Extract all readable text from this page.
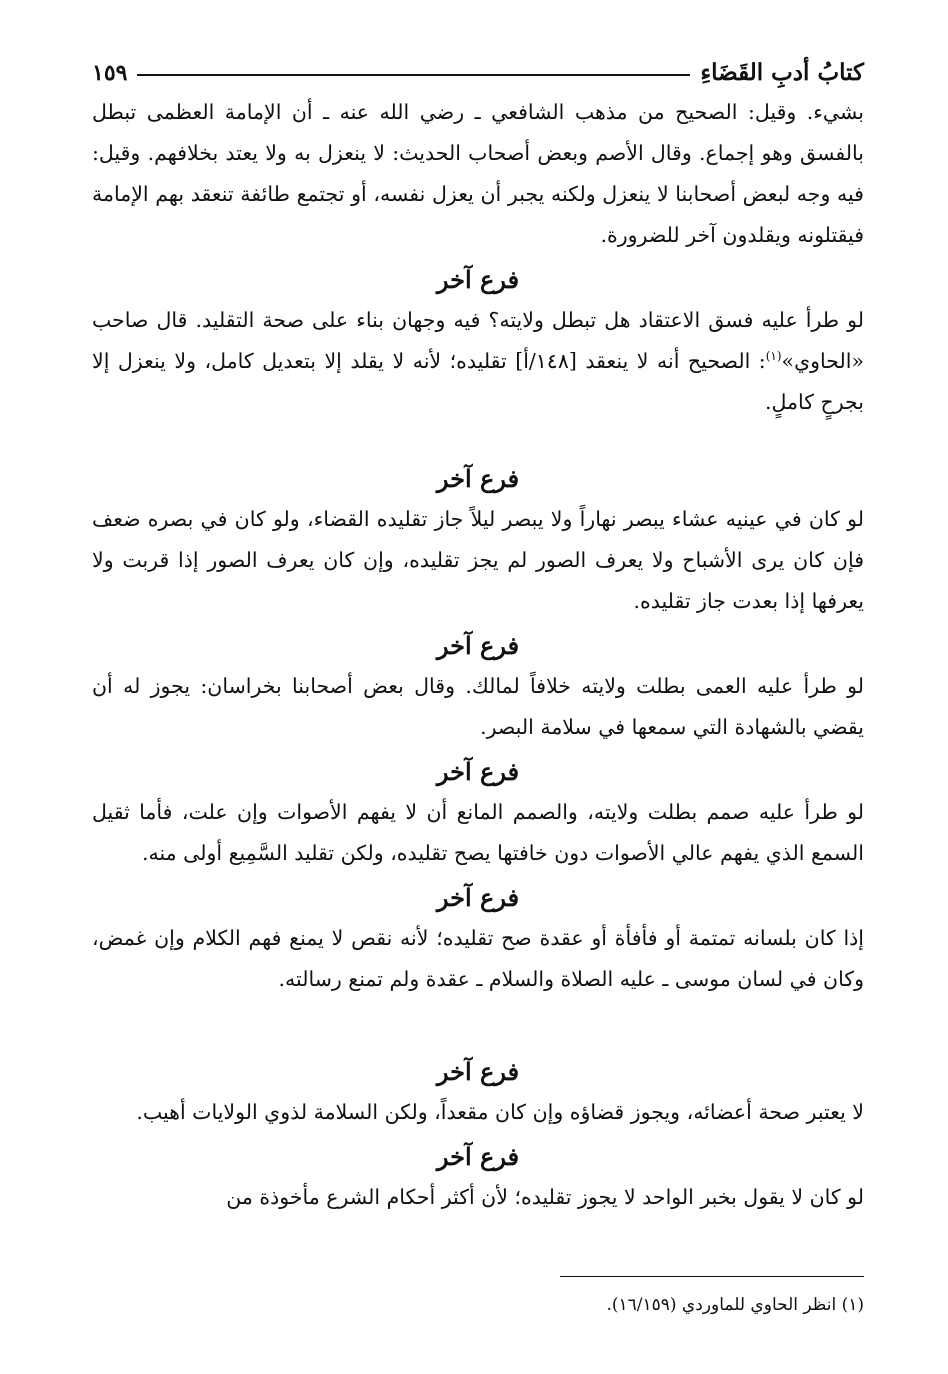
كتابُ أدبِ القَضَاءِ
١٥٩

بشيء. وقيل: الصحيح من مذهب الشافعي ـ رضي الله عنه ـ أن الإمامة العظمى تبطل بالفسق وهو إجماع. وقال الأصم وبعض أصحاب الحديث: لا ينعزل به ولا يعتد بخلافهم. وقيل: فيه وجه لبعض أصحابنا لا ينعزل ولكنه يجبر أن يعزل نفسه، أو تجتمع طائفة تنعقد بهم الإمامة فيقتلونه ويقلدون آخر للضرورة.

فرع آخر

لو طرأ عليه فسق الاعتقاد هل تبطل ولايته؟ فيه وجهان بناء على صحة التقليد. قال صاحب «الحاوي»$^{(١)}$: الصحيح أنه لا ينعقد [١٤٨/أ] تقليده؛ لأنه لا يقلد إلا بتعديل كامل، ولا ينعزل إلا بجرحٍ كاملٍ.

فرع آخر

لو كان في عينيه عشاء يبصر نهاراً ولا يبصر ليلاً جاز تقليده القضاء، ولو كان في بصره ضعف فإن كان يرى الأشباح ولا يعرف الصور لم يجز تقليده، وإن كان يعرف الصور إذا قربت ولا يعرفها إذا بعدت جاز تقليده.

فرع آخر

لو طرأ عليه العمى بطلت ولايته خلافاً لمالك. وقال بعض أصحابنا بخراسان: يجوز له أن يقضي بالشهادة التي سمعها في سلامة البصر.

فرع آخر

لو طرأ عليه صمم بطلت ولايته، والصمم المانع أن لا يفهم الأصوات وإن علت، فأما ثقيل السمع الذي يفهم عالي الأصوات دون خافتها يصح تقليده، ولكن تقليد السَّمِيع أولى منه.

فرع آخر

إذا كان بلسانه تمتمة أو فأفأة أو عقدة صح تقليده؛ لأنه نقص لا يمنع فهم الكلام وإن غمض، وكان في لسان موسى ـ عليه الصلاة والسلام ـ عقدة ولم تمنع رسالته.

فرع آخر

لا يعتبر صحة أعضائه، ويجوز قضاؤه وإن كان مقعداً، ولكن السلامة لذوي الولايات أهيب.

فرع آخر

لو كان لا يقول بخبر الواحد لا يجوز تقليده؛ لأن أكثر أحكام الشرع مأخوذة من

(١) انظر الحاوي للماوردي (١٦/١٥٩).
